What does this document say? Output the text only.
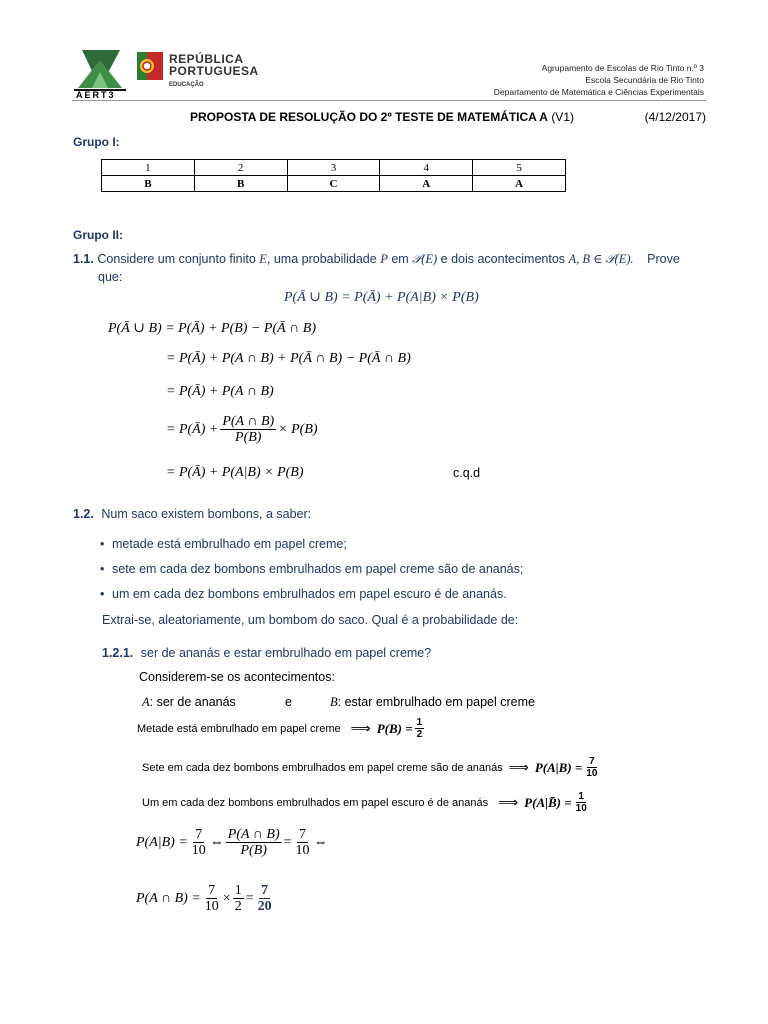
AERT3
REPÚBLICA
PORTUGUESA
EDUCAÇÃO
Agrupamento de Escolas de Rio Tinto n.º 3
Escola Secundária de Rio Tinto
Departamento de Matemática e Ciências Experimentais
PROPOSTA DE RESOLUÇÃO DO 2º TESTE DE MATEMÁTICA A (V1)	(4/12/2017)
Grupo I:
1	2	3	4	5
B	B	C	A	A
Grupo II:
1.1. Considere um conjunto finito E, uma probabilidade P em 𝒫(E) e dois acontecimentos A, B ∈ 𝒫(E). Prove
que:
P(Ā ∪ B) = P(Ā) + P(A|B) × P(B)
P(Ā ∪ B) = P(Ā) + P(B) − P(Ā ∩ B)
= P(Ā) + P(A ∩ B) + P(Ā ∩ B) − P(Ā ∩ B)
= P(Ā) + P(A ∩ B)
= P(Ā) + $\frac{P(A \cap B)}{P(B)} \times P(B)$
= P(Ā) + P(A|B) × P(B)	c.q.d
1.2. Num saco existem bombons, a saber:
• metade está embrulhado em papel creme;
• sete em cada dez bombons embrulhados em papel creme são de ananás;
• um em cada dez bombons embrulhados em papel escuro é de ananás.
Extrai-se, aleatoriamente, um bombom do saco. Qual é a probabilidade de:
1.2.1. ser de ananás e estar embrulhado em papel creme?
Considerem-se os acontecimentos:
A: ser de ananás	e	B: estar embrulhado em papel creme
Metade está embrulhado em papel creme ⟹ $P(B) = \frac{1}{2}$
Sete em cada dez bombons embrulhados em papel creme são de ananás ⟹ $P(A|B) = \frac{7}{10}$
Um em cada dez bombons embrulhados em papel escuro é de ananás ⟹ P(A|B̄) = $\frac{1}{10}$
$P(A|B) = \frac{7}{10}$ ⇔ $\frac{P(A \cap B)}{P(B)} = \frac{7}{10}$ ⇔
P(A ∩ $B) = \frac{7}{10} \times \frac{1}{2} = \frac{7}{20}$
